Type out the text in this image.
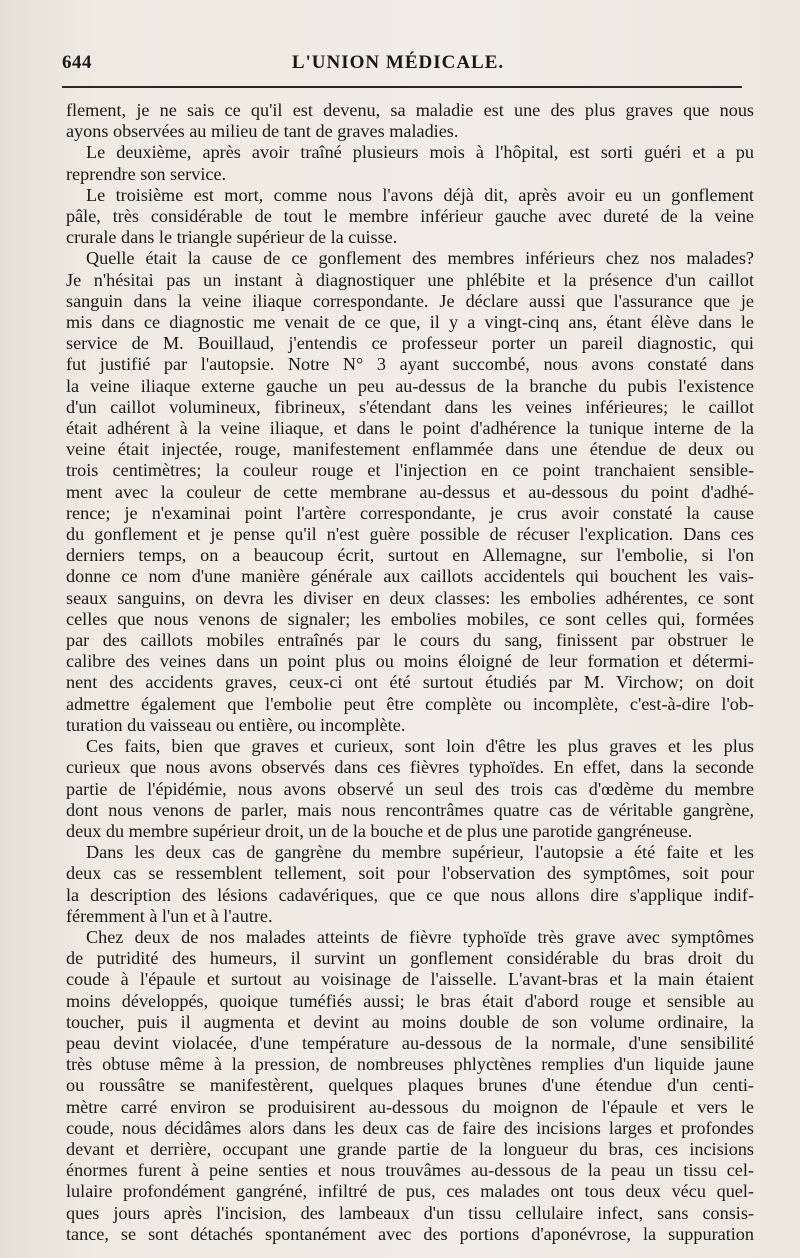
644	L'UNION MÉDICALE.
flement, je ne sais ce qu'il est devenu, sa maladie est une des plus graves que nous
ayons observées au milieu de tant de graves maladies.
Le deuxième, après avoir traîné plusieurs mois à l'hôpital, est sorti guéri et a pu
reprendre son service.
Le troisième est mort, comme nous l'avons déjà dit, après avoir eu un gonflement
pâle, très considérable de tout le membre inférieur gauche avec dureté de la veine
crurale dans le triangle supérieur de la cuisse.
Quelle était la cause de ce gonflement des membres inférieurs chez nos malades?
Je n'hésitai pas un instant à diagnostiquer une phlébite et la présence d'un caillot
sanguin dans la veine iliaque correspondante. Je déclare aussi que l'assurance que je
mis dans ce diagnostic me venait de ce que, il y a vingt-cinq ans, étant élève dans le
service de M. Bouillaud, j'entendis ce professeur porter un pareil diagnostic, qui
fut justifié par l'autopsie. Notre N° 3 ayant succombé, nous avons constaté dans
la veine iliaque externe gauche un peu au-dessus de la branche du pubis l'existence
d'un caillot volumineux, fibrineux, s'étendant dans les veines inférieures; le caillot
était adhérent à la veine iliaque, et dans le point d'adhérence la tunique interne de la
veine était injectée, rouge, manifestement enflammée dans une étendue de deux ou
trois centimètres; la couleur rouge et l'injection en ce point tranchaient sensible-
ment avec la couleur de cette membrane au-dessus et au-dessous du point d'adhé-
rence; je n'examinai point l'artère correspondante, je crus avoir constaté la cause
du gonflement et je pense qu'il n'est guère possible de récuser l'explication. Dans ces
derniers temps, on a beaucoup écrit, surtout en Allemagne, sur l'embolie, si l'on
donne ce nom d'une manière générale aux caillots accidentels qui bouchent les vais-
seaux sanguins, on devra les diviser en deux classes: les embolies adhérentes, ce sont
celles que nous venons de signaler; les embolies mobiles, ce sont celles qui, formées
par des caillots mobiles entraînés par le cours du sang, finissent par obstruer le
calibre des veines dans un point plus ou moins éloigné de leur formation et détermi-
nent des accidents graves, ceux-ci ont été surtout étudiés par M. Virchow; on doit
admettre également que l'embolie peut être complète ou incomplète, c'est-à-dire l'ob-
turation du vaisseau ou entière, ou incomplète.
Ces faits, bien que graves et curieux, sont loin d'être les plus graves et les plus
curieux que nous avons observés dans ces fièvres typhoïdes. En effet, dans la seconde
partie de l'épidémie, nous avons observé un seul des trois cas d'œdème du membre
dont nous venons de parler, mais nous rencontrâmes quatre cas de véritable gangrène,
deux du membre supérieur droit, un de la bouche et de plus une parotide gangréneuse.
Dans les deux cas de gangrène du membre supérieur, l'autopsie a été faite et les
deux cas se ressemblent tellement, soit pour l'observation des symptômes, soit pour
la description des lésions cadavériques, que ce que nous allons dire s'applique indif-
féremment à l'un et à l'autre.
Chez deux de nos malades atteints de fièvre typhoïde très grave avec symptômes
de putridité des humeurs, il survint un gonflement considérable du bras droit du
coude à l'épaule et surtout au voisinage de l'aisselle. L'avant-bras et la main étaient
moins développés, quoique tuméfiés aussi; le bras était d'abord rouge et sensible au
toucher, puis il augmenta et devint au moins double de son volume ordinaire, la
peau devint violacée, d'une température au-dessous de la normale, d'une sensibilité
très obtuse même à la pression, de nombreuses phlyctènes remplies d'un liquide jaune
ou roussâtre se manifestèrent, quelques plaques brunes d'une étendue d'un centi-
mètre carré environ se produisirent au-dessous du moignon de l'épaule et vers le
coude, nous décidâmes alors dans les deux cas de faire des incisions larges et profondes
devant et derrière, occupant une grande partie de la longueur du bras, ces incisions
énormes furent à peine senties et nous trouvâmes au-dessous de la peau un tissu cel-
lulaire profondément gangréné, infiltré de pus, ces malades ont tous deux vécu quel-
ques jours après l'incision, des lambeaux d'un tissu cellulaire infect, sans consis-
tance, se sont détachés spontanément avec des portions d'aponévrose, la suppuration
